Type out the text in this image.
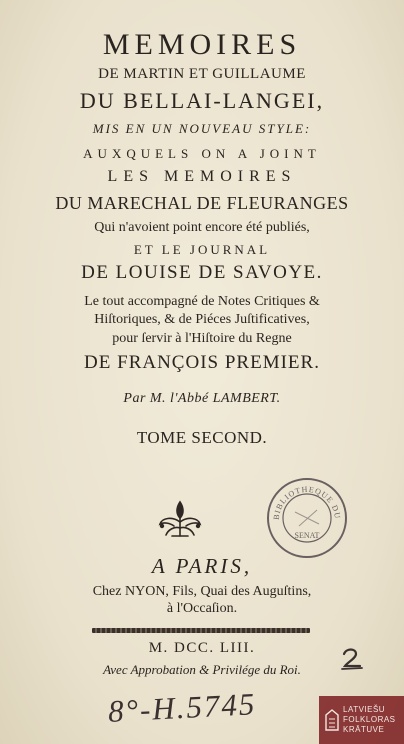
MEMOIRES
DE MARTIN ET GUILLAUME
DU BELLAI-LANGEI,
MIS EN UN NOUVEAU STYLE:
AUXQUELS ON A JOINT
LES MEMOIRES
DU MARECHAL DE FLEURANGES
Qui n'avoient point encore été publiés,
ET LE JOURNAL
DE LOUISE DE SAVOYE.
Le tout accompagné de Notes Critiques &
Hiſtoriques, & de Piéces Juſtificatives,
pour ſervir à l'Hiſtoire du Regne
DE FRANÇOIS PREMIER.
Par M. l'Abbé LAMBERT.
TOME SECOND.
BIBLIOTHEQUE DU
SENAT
A PARIS,
Chez NYON, Fils, Quai des Auguſtins,
à l'Occaſion.
M. DCC. LIII.
Avec Approbation & Privilége du Roi.
8°-H.5745	LATVIEŠU
FOLKLORAS
KRĀTUVE
